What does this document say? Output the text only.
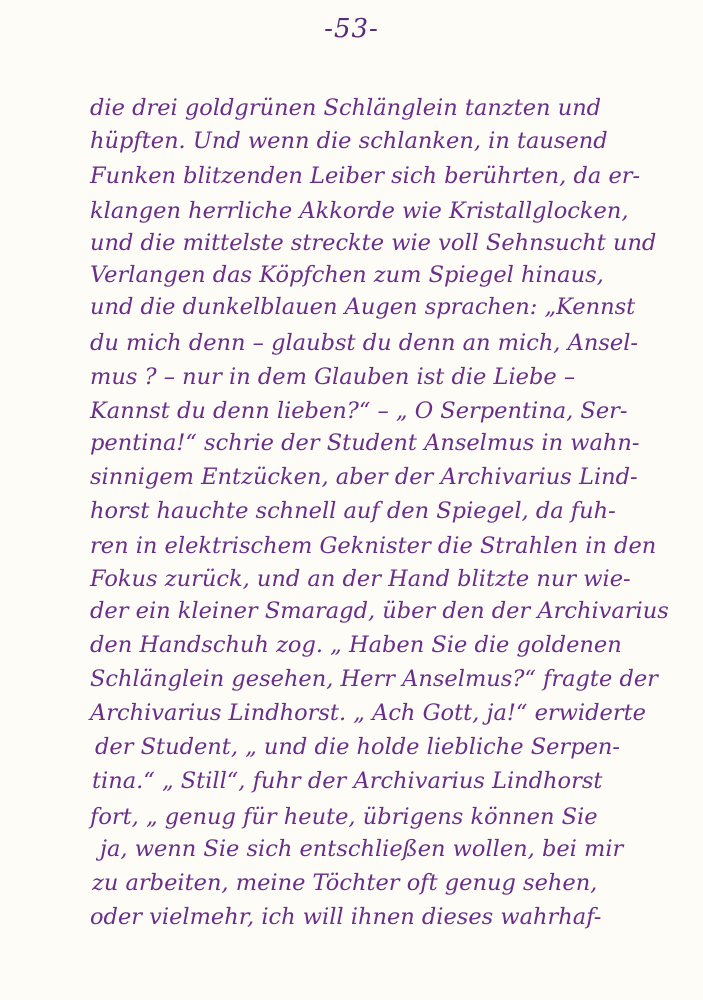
-53-
die drei goldgrünen Schlänglein tanzten und
hüpften. Und wenn die schlanken, in tausend
Funken blitzenden Leiber sich berührten, da er-
klangen herrliche Akkorde wie Kristallglocken,
und die mittelste streckte wie voll Sehnsucht und
Verlangen das Köpfchen zum Spiegel hinaus,
und die dunkelblauen Augen sprachen: „Kennst
du mich denn – glaubst du denn an mich, Ansel-
mus ? – nur in dem Glauben ist die Liebe –
Kannst du denn lieben?“ – „ O Serpentina, Ser-
pentina!“ schrie der Student Anselmus in wahn-
sinnigem Entzücken, aber der Archivarius Lind-
horst hauchte schnell auf den Spiegel, da fuh-
ren in elektrischem Geknister die Strahlen in den
Fokus zurück, und an der Hand blitzte nur wie-
der ein kleiner Smaragd, über den der Archivarius
den Handschuh zog. „ Haben Sie die goldenen
Schlänglein gesehen, Herr Anselmus?“ fragte der
Archivarius Lindhorst. „ Ach Gott, ja!“ erwiderte
der Student, „ und die holde liebliche Serpen-
tina.“ „ Still“, fuhr der Archivarius Lindhorst
fort, „ genug für heute, übrigens können Sie
ja, wenn Sie sich entschließen wollen, bei mir
zu arbeiten, meine Töchter oft genug sehen,
oder vielmehr, ich will ihnen dieses wahrhaf-
